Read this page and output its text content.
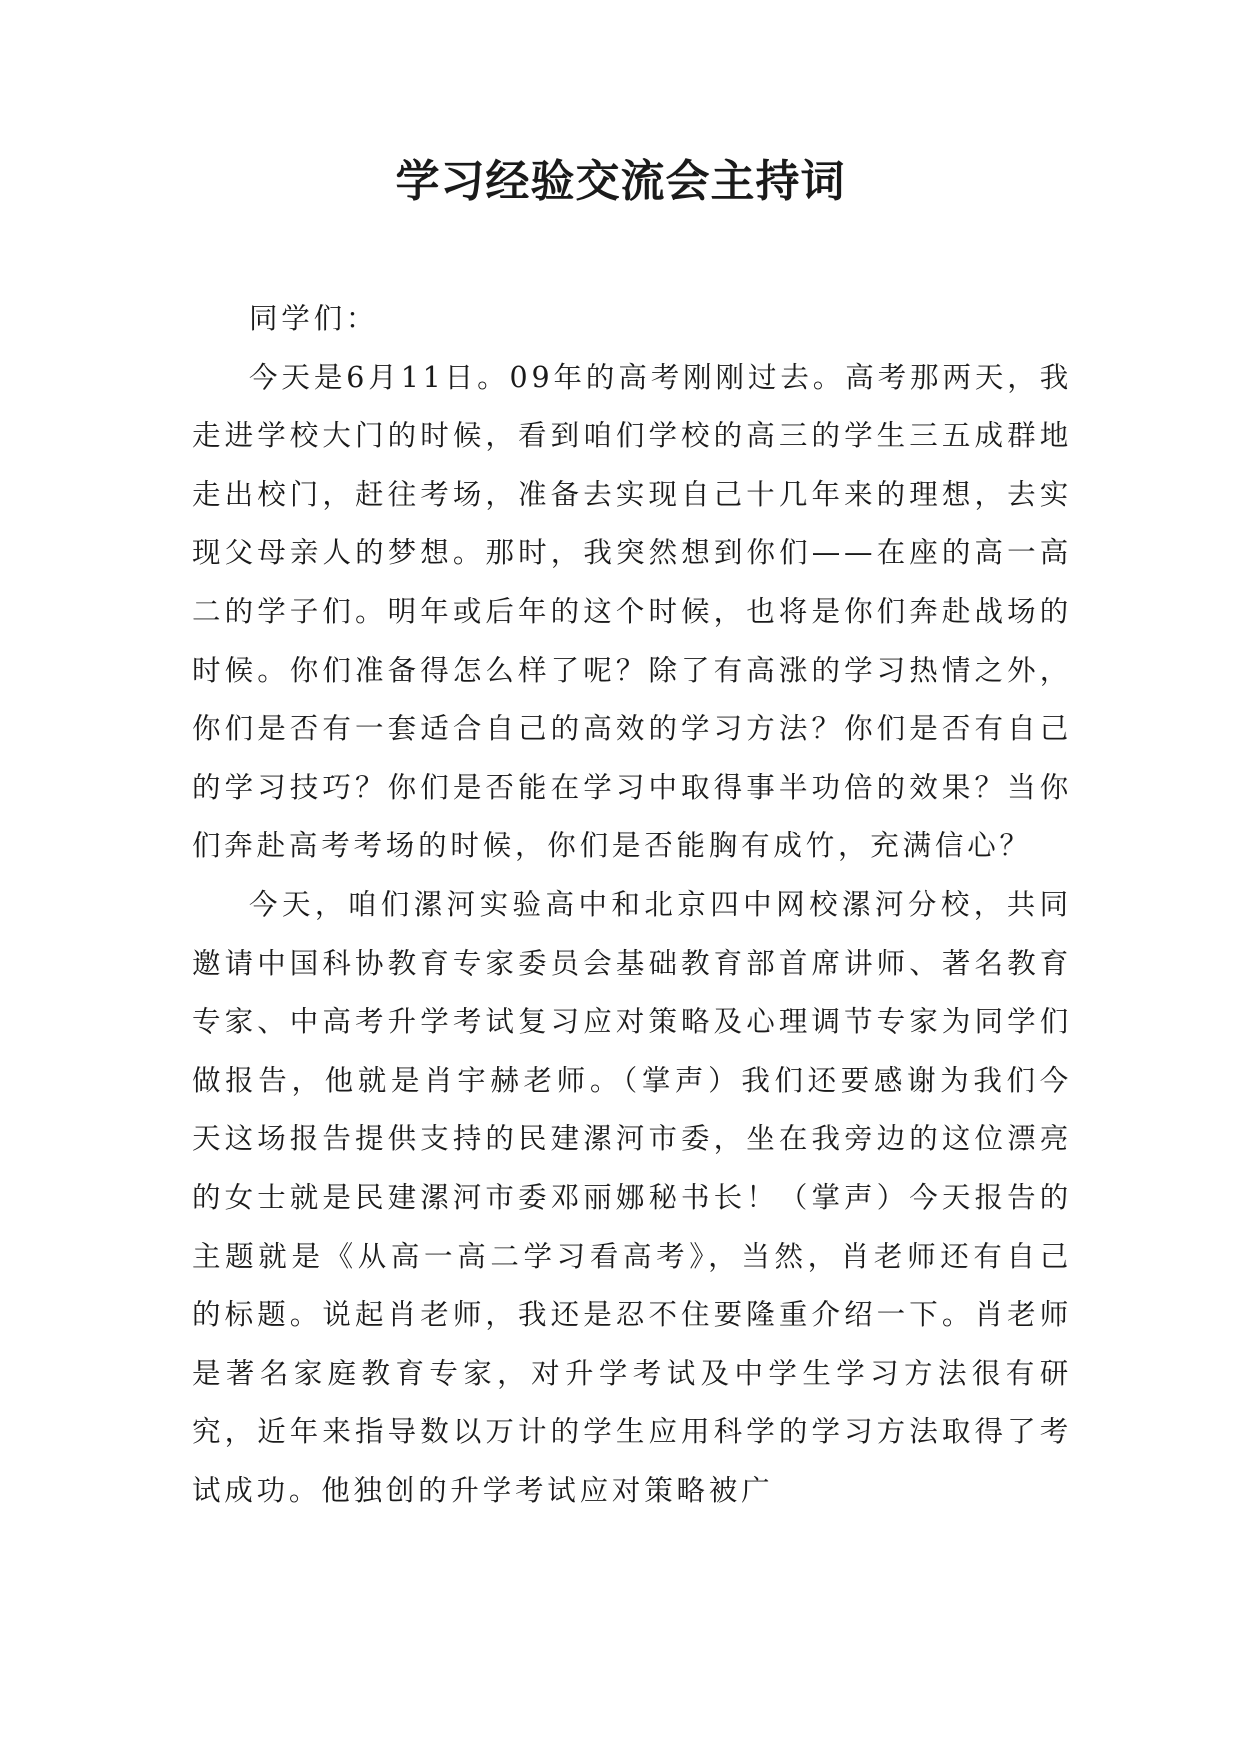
学习经验交流会主持词

同学们：

今天是6月11日。09年的高考刚刚过去。高考那两天，我走进学校大门的时候，看到咱们学校的高三的学生三五成群地走出校门，赶往考场，准备去实现自己十几年来的理想，去实现父母亲人的梦想。那时，我突然想到你们——在座的高一高二的学子们。明年或后年的这个时候，也将是你们奔赴战场的时候。你们准备得怎么样了呢？除了有高涨的学习热情之外，你们是否有一套适合自己的高效的学习方法？你们是否有自己的学习技巧？你们是否能在学习中取得事半功倍的效果？当你们奔赴高考考场的时候，你们是否能胸有成竹，充满信心？

今天，咱们漯河实验高中和北京四中网校漯河分校，共同邀请中国科协教育专家委员会基础教育部首席讲师、著名教育专家、中高考升学考试复习应对策略及心理调节专家为同学们做报告，他就是肖宇赫老师。（掌声）我们还要感谢为我们今天这场报告提供支持的民建漯河市委，坐在我旁边的这位漂亮的女士就是民建漯河市委邓丽娜秘书长！（掌声）今天报告的主题就是《从高一高二学习看高考》，当然，肖老师还有自己的标题。说起肖老师，我还是忍不住要隆重介绍一下。肖老师是著名家庭教育专家，对升学考试及中学生学习方法很有研究，近年来指导数以万计的学生应用科学的学习方法取得了考试成功。他独创的升学考试应对策略被广
